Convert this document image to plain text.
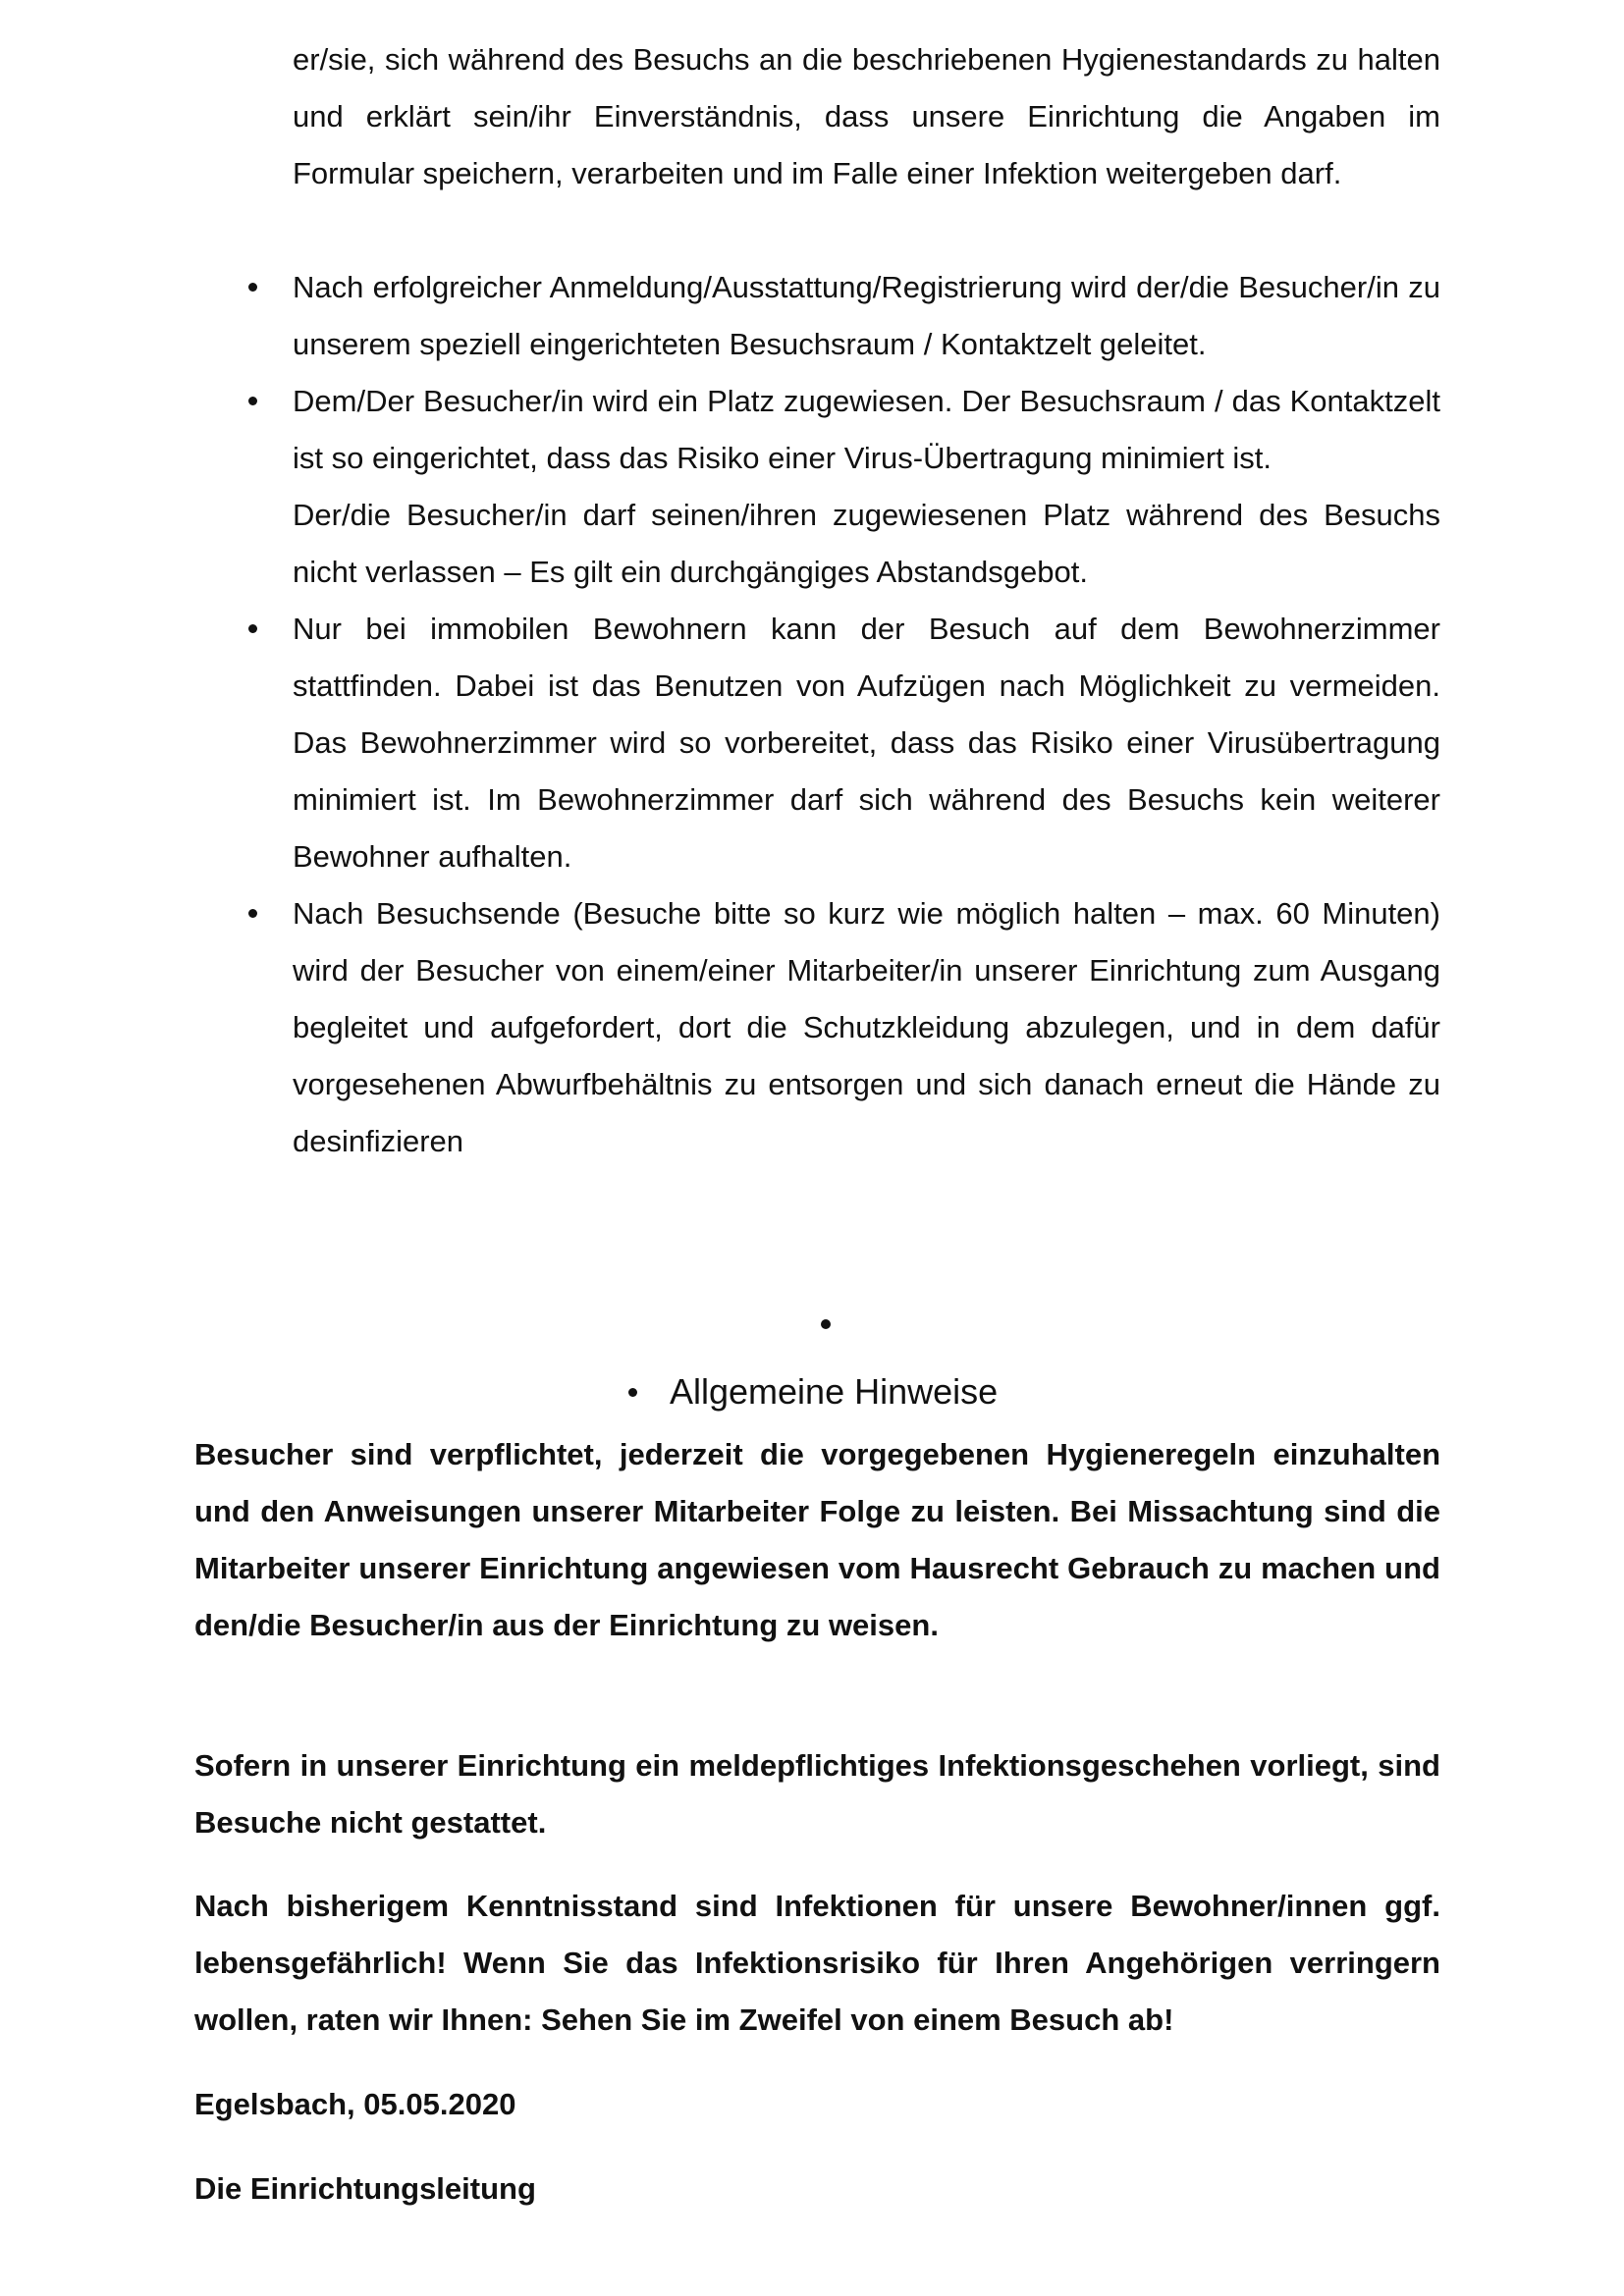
er/sie, sich während des Besuchs an die beschriebenen Hygienestandards zu halten und erklärt sein/ihr Einverständnis, dass unsere Einrichtung die Angaben im Formular speichern, verarbeiten und im Falle einer Infektion weitergeben darf.

Nach erfolgreicher Anmeldung/Ausstattung/Registrierung wird der/die Besucher/in zu unserem speziell eingerichteten Besuchsraum / Kontaktzelt geleitet.

Dem/Der Besucher/in wird ein Platz zugewiesen. Der Besuchsraum / das Kontaktzelt ist so eingerichtet, dass das Risiko einer Virus-Übertragung minimiert ist.

Der/die Besucher/in darf seinen/ihren zugewiesenen Platz während des Besuchs nicht verlassen – Es gilt ein durchgängiges Abstandsgebot.

Nur bei immobilen Bewohnern kann der Besuch auf dem Bewohnerzimmer stattfinden. Dabei ist das Benutzen von Aufzügen nach Möglichkeit zu vermeiden. Das Bewohnerzimmer wird so vorbereitet, dass das Risiko einer Virusübertragung minimiert ist. Im Bewohnerzimmer darf sich während des Besuchs kein weiterer Bewohner aufhalten.

Nach Besuchsende (Besuche bitte so kurz wie möglich halten – max. 60 Minuten) wird der Besucher von einem/einer Mitarbeiter/in unserer Einrichtung zum Ausgang begleitet und aufgefordert, dort die Schutzkleidung abzulegen, und in dem dafür vorgesehenen Abwurfbehältnis zu entsorgen und sich danach erneut die Hände zu desinfizieren

Allgemeine Hinweise

Besucher sind verpflichtet, jederzeit die vorgegebenen Hygieneregeln einzuhalten und den Anweisungen unserer Mitarbeiter Folge zu leisten. Bei Missachtung sind die Mitarbeiter unserer Einrichtung angewiesen vom Hausrecht Gebrauch zu machen und den/die Besucher/in aus der Einrichtung zu weisen.

Sofern in unserer Einrichtung ein meldepflichtiges Infektionsgeschehen vorliegt, sind Besuche nicht gestattet.

Nach bisherigem Kenntnisstand sind Infektionen für unsere Bewohner/innen ggf. lebensgefährlich! Wenn Sie das Infektionsrisiko für Ihren Angehörigen verringern wollen, raten wir Ihnen: Sehen Sie im Zweifel von einem Besuch ab!

Egelsbach, 05.05.2020

Die Einrichtungsleitung
